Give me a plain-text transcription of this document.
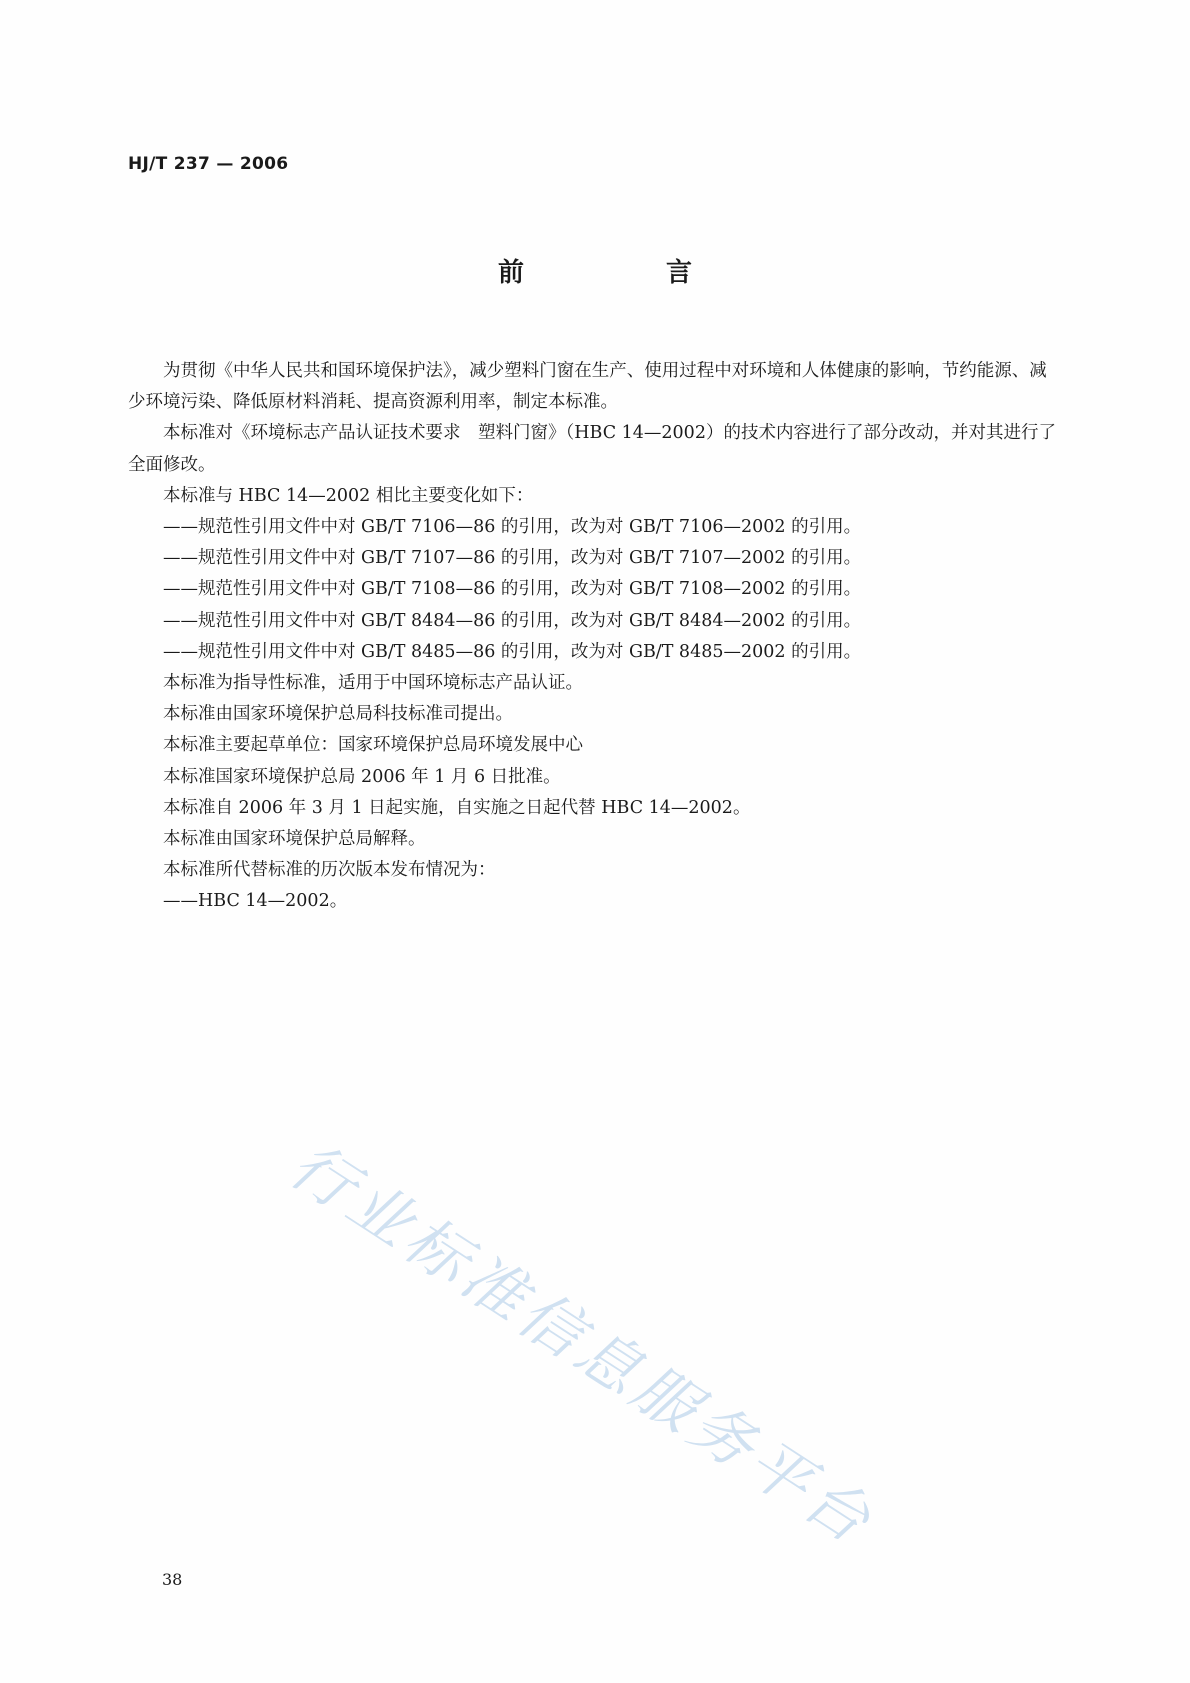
HJ/T 237 — 2006
前　言

为贯彻《中华人民共和国环境保护法》，减少塑料门窗在生产、使用过程中对环境和人体健康的影响，节约能源、减少环境污染、降低原材料消耗、提高资源利用率，制定本标准。

本标准对《环境标志产品认证技术要求　塑料门窗》（HBC 14—2002）的技术内容进行了部分改动，并对其进行了全面修改。

本标准与 HBC 14—2002 相比主要变化如下：

——规范性引用文件中对 GB/T 7106—86 的引用，改为对 GB/T 7106—2002 的引用。

——规范性引用文件中对 GB/T 7107—86 的引用，改为对 GB/T 7107—2002 的引用。

——规范性引用文件中对 GB/T 7108—86 的引用，改为对 GB/T 7108—2002 的引用。

——规范性引用文件中对 GB/T 8484—86 的引用，改为对 GB/T 8484—2002 的引用。

——规范性引用文件中对 GB/T 8485—86 的引用，改为对 GB/T 8485—2002 的引用。

本标准为指导性标准，适用于中国环境标志产品认证。

本标准由国家环境保护总局科技标准司提出。

本标准主要起草单位：国家环境保护总局环境发展中心

本标准国家环境保护总局 2006 年 1 月 6 日批准。

本标准自 2006 年 3 月 1 日起实施，自实施之日起代替 HBC 14—2002。

本标准由国家环境保护总局解释。

本标准所代替标准的历次版本发布情况为：

——HBC 14—2002。

行业标准信息服务平台
38
